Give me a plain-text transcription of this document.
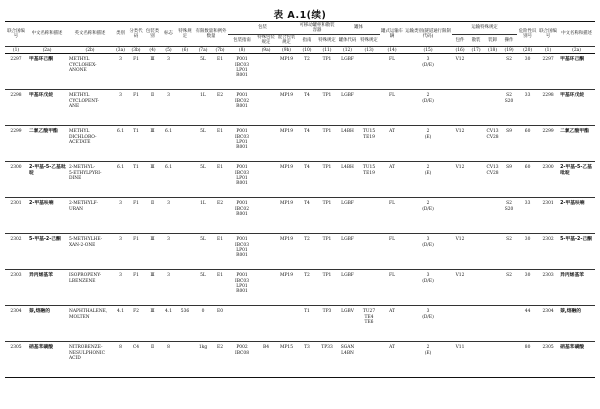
表 A.1(续)
联合国编号	中文名称和描述	英文名称和描述	类别	分类代码	包装类别	标志	特殊规定	有限数量和例外数量		包装			可移动罐柜和散装容器		罐体		罐式运输车辆	运输类别(隧道通行限制代码)	运输特殊规定				危险性识别号	联合国编号	中文名称和描述
										包装指南	特殊包装规定	混合包装规定	指南	特殊规定	罐体代码	特殊规定			包件	散装	装卸	操作			
(1)	(2a)	(2b)	(3a)	(3b)	(4)	(5)	(6)	(7a)	(7b)	(8)	(9a)	(9b)	(10)	(11)	(12)	(13)	(14)	(15)	(16)	(17)	(18)	(19)	(20)	(1)	(2a)
2297	甲基环己酮	METHYL
CYCLOHEX-
ANONE	3	F1	Ⅲ	3		5L	E1	P001
IBC03
LP01
R001		MP19	T2	TP1	LGBF		FL	3
(D/E)	V12			S2	30	2297	甲基环己酮
2298	甲基环戊烷	METHYL
CYCLOPENT-
ANE	3	F1	Ⅱ	3		1L	E2	P001
IBC02
R001		MP19	T4	TP1	LGBF		FL	2
(D/E)				S2 S20	33	2298	甲基环戊烷
2299	二氯乙酸甲酯	METHYL
DICHLORO-
ACETATE	6.1	T1	Ⅲ	6.1		5L	E1	P001
IBC03
LP01
R001		MP19	T4	TP1	L4BH	TU15
TE19	AT	2
(E)	V12		CV13 CV28	S9	60	2299	二氯乙酸甲酯
2300	2-甲基-5-乙基吡啶	2-METHYL-
5-ETHYLPYRI-
DINE	6.1	T1	Ⅲ	6.1		5L	E1	P001
IBC03
LP01
R001		MP19	T4	TP1	L4BH	TU15
TE19	AT	2
(E)	V12		CV13 CV28	S9	60	2300	2-甲基-5-乙基吡啶
2301	2-甲基呋喃	2-METHYLF-
URAN	3	F1	Ⅱ	3		1L	E2	P001
IBC02
R001		MP19	T4	TP1	LGBF		FL	2
(D/E)				S2 S20	33	2301	2-甲基呋喃
2302	5-甲基-2-己酮	5-METHYLHE-
XAN-2-ONE	3	F1	Ⅲ	3		5L	E1	P001
IBC03
LP01
R001		MP19	T2	TP1	LGBF		FL	3
(D/E)	V12			S2	30	2302	5-甲基-2-己酮
2303	异丙烯基苯	ISOPROPENY-
LBENZENE	3	F1	Ⅲ	3		5L	E1	P001
IBC03
LP01
R001		MP19	T2	TP1	LGBF		FL	3
(D/E)	V12			S2	30	2303	异丙烯基苯
2304	萘,熔融的	NAPHTHALENE,
MOLTEN	4.1	F2	Ⅲ	4.1	536	0	E0				T1	TP3	LGBV	TU27
TE4
TE6	AT	3
(D/E)					44	2304	萘,熔融的
2305	硝基苯磺酸	NITROBENZE-
NESULPHONIC
ACID	8	C4	Ⅱ	8		1kg	E2	P002
IBC08	B4	MP15	T3	TP33	SGAN L4BN		AT	2
(E)	V11				80	2305	硝基苯磺酸
